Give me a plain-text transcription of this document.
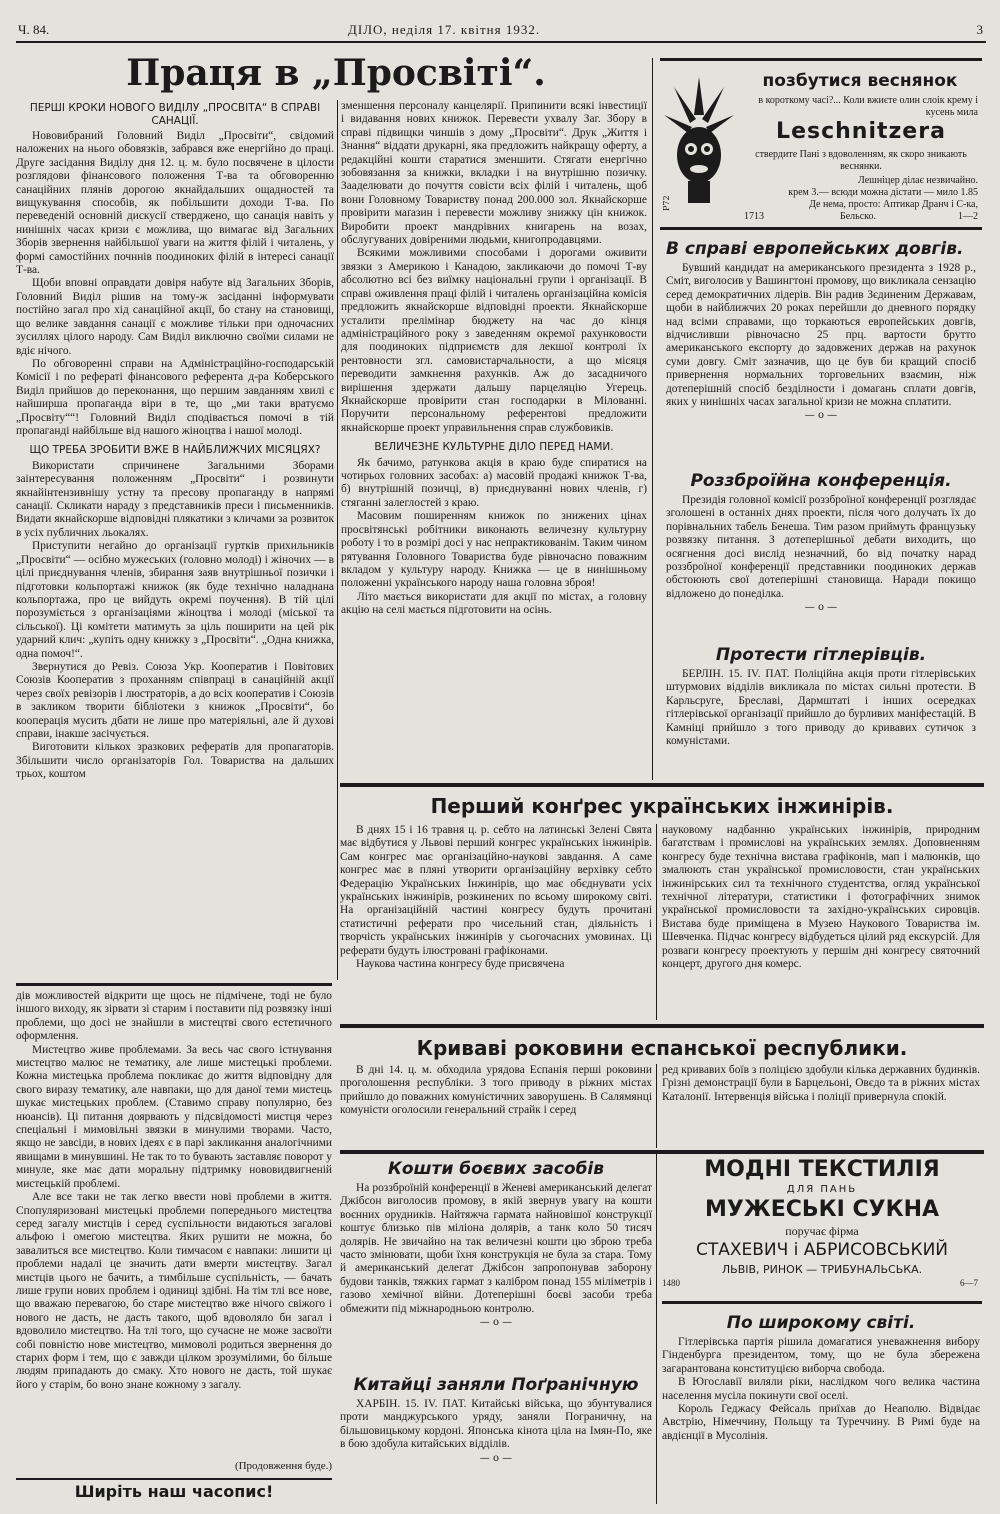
Ч. 84.	ДІЛО, неділя 17. квітня 1932.	3
Праця в „Просвіті“.
ПЕРШІ КРОКИ НОВОГО ВИДІЛУ „ПРОСВІТА“ В СПРАВІ САНАЦІЇ.

Нововибраний Головний Виділ „Просвіти“, свідомий наложених на нього обовязків, забрався вже енергійно до праці. Друге засідання Виділу дня 12. ц. м. було посвячене в цілости розглядови фінансового положення Т-ва та обговоренню санаційних плянів дорогою якнайдальших ощадностей та вищукування способів, як побільшити доходи Т-ва. По переведеній основній дискусії стверджено, що санація навіть у нинішніх часах кризи є можлива, що вимагає від Загальних Зборів звернення найбільшої уваги на життя філій і читалень, у формі самостійних почннів поодиноких філій в інтересі санації Т-ва.

Щоби вповні оправдати довіря набуте від Загальних Зборів, Головний Виділ рішив на тому-ж засіданні інформувати постійно загал про хід санаційної акції, бо стану на становищі, що велике завдання санації є можливе тільки при одночасних зусиллях цілого народу. Сам Виділ виключно своїми силами не вдіє нічого.

По обговоренні справи на Адміністраційно-господарській Комісії і по рефераті фінансового референта д-ра Коберського Виділ прийшов до переконання, що першим завданням хвилі є найширша пропаганда віри в те, що „ми таки вратуємо „Просвіту““! Головний Виділ сподівається помочі в тій пропаганді найбільше від нашого жіноцтва і нашої молоді.

ЩО ТРЕБА ЗРОБИТИ ВЖЕ В НАЙБЛИЖЧИХ МІСЯЦЯХ?

Використати спричинене Загальними Зборами заінтересування положенням „Просвіти“ і розвинути якнайінтензивнішу устну та пресову пропаганду в напрямі санації. Скликати нараду з представників преси і письменників. Видати якнайскорше відповідні плякатики з кличами за розвиток в усіх публичних льокалях.

Приступити негайно до організації гуртків прихильників „Просвіти“ — осібно мужеських (головно молоді) і жіночих — в цілі приєднування членів, збирання заяв внутрішньої позички і підготовки кольпортажі книжок (як буде технічно наладнана кольпортажа, про це вийдуть окремі поучення). В тій цілі порозуміється з організаціями жіноцтва і молоді (міської та сільської). Ці комітети матимуть за ціль поширити на цей рік ударний клич: „купіть одну книжку з „Просвіти“. „Одна книжка, одна помоч!“.

Звернутися до Ревіз. Союза Укр. Кооператив і Повітових Союзів Кооператив з проханням співпраці в санаційній акції через своїх ревізорів і люстраторів, а до всіх кооператив і Союзів в закликом творити бібліотеки з книжок „Просвіти“, бо кооперація мусить дбати не лише про матеріяльні, але й духові справи, інакше засічується.

Виготовити кількох зразкових рефератів для пропагаторів. Збільшити число організаторів Гол. Товариства на дальших трьох, коштом

зменшення персоналу канцелярії. Припинити всякі інвестиції і видавання нових книжок. Перевести ухвалу Заг. Збору в справі підвищки чиншів з дому „Просвіти“. Друк „Життя і Знання“ віддати друкарні, яка предложить найкращу оферту, а редакційні кошти старатися зменшити. Стягати енергічно зобовязання за книжки, вкладки і на внутрішню позичку. Зааделювати до почуття совісти всіх філій і читалень, щоб вони Головному Товариству понад 200.000 зол. Якнайскорше провірити маґазин і перевести можливу знижку цін книжок. Виробити проект мандрівних книгарень на возах, обслугуваних довіреними людьми, книгопродавцями.

Всякими можливими способами і дорогами оживити звязки з Америкою і Канадою, закликаючи до помочі Т-ву абсолютно всі без виїмку національні групи і організації. В справі оживлення праці філій і читалень організаційна комісія предложить якнайскорше відповідні проекти. Якнайскорше усталити прелімінар бюджету на час до кінця адміністраційного року з заведенням окремої рахунковости для поодиноких підприємств для лекшої контролі їх рентовности згл. самовистарчальности, а що місяця переводити замкнення рахунків. Аж до засадничого вирішення здержати дальшу парцеляцію Угерець. Якнайскорше провірити стан господарки в Мілованні. Поручити персональному референтові предложити якнайскорше проект управильнення справ службовиків.

ВЕЛИЧЕЗНЕ КУЛЬТУРНЕ ДІЛО ПЕРЕД НАМИ.

Як бачимо, ратункова акція в краю буде спиратися на чотирьох головних засобах: а) масовій продажі книжок Т-ва, б) внутрішній позичці, в) приєднуванні нових членів, г) стяганні залеглостей з краю.

Масовим поширенням книжок по знижених цінах просвітянські робітники виконають величезну культурну роботу і то в розмірі досі у нас непрактикованім. Таким чином рятування Головного Товариства буде рівночасно поважним вкладом у культуру народу. Книжка — це в нинішньому положенні українського народу наша головна зброя!

Літо мається використати для акції по містах, а головну акцію на селі мається підготовити на осінь.

P72
позбутися веснянок
в короткому часі?... Коли вжиєте олин слоік крему і кусень мила
Leschnitzera
ствердите Пані з вдоволенням, як скоро зникають веснянки.
Лешніцер ділає незвичайно.
крем 3.— всюди можна дістати — мило 1.85
Де нема, просто: Аптикар Дранч і С-ка,
1713	Бельско.	1—2
В справі европейських довгів.

Бувший кандидат на американського президента з 1928 р., Сміт, виголосив у Вашингтоні промову, що викликала сензацію серед демократичних лідерів. Він радив Зєдиненим Державам, щоби в найближчих 20 роках перейшли до дневного порядку над всіми справами, що торкаються европейських довгів, відчисливши рівночасно 25 прц. вартости брутто американського експорту до задовжених держав на рахунок суми довгу. Сміт зазначив, що це був би кращий спосіб привернення нормальних торговельних взаємин, ніж дотеперішній спосіб безділности і домагань сплати довгів, яких у нинішніх часах загальної кризи не можна сплатити.

— o —
Роззброїйна конференція.

Президія головної комісії роззброїної конференції розглядає зголошені в останніх днях проекти, після чого долучать їх до порівнальних табель Бенеша. Тим разом приймуть французьку розвязку питання. З дотеперішньої дебати виходить, що осягнення досі вислід незначний, бо від початку нарад роззброїної конференції представники поодиноких держав обстоюють свої дотеперішні становища. Наради покищо відложено до понеділка.

— o —
Протести гітлерівців.

БЕРЛІН. 15. IV. ПАТ. Поліційна акція проти гітлерівських штурмових відділів викликала по містах сильні протести. В Карльсруге, Бреславі, Дармштаті і інших осередках гітлерівської організації прийшло до бурливих маніфестацій. В Камніці прийшло з того приводу до кривавих сутичок з комуністами.

дів можливостей відкрити ще щось не підмічене, тоді не було іншого виходу, як зірвати зі старим і поставити під розвязку інші проблеми, що досі не знайшли в мистецтві свого естетичного оформлення.

Мистецтво живе проблемами. За весь час свого істнування мистецтво малює не тематику, але лише мистецькі проблеми. Кожна мистецька проблема покликає до життя відповідну для свого виразу тематику, але навпаки, що для даної теми мистець шукає мистецьких проблем. (Ставимо справу популярно, без нюансів). Ці питання доярвають у підсвідомості мистця через спеціальні і мимовільні звязки в минулими творами. Часто, якщо не завсіди, в нових ідеях є в парі закликання аналогічними явищами в минувшині. Не так то то бувають заставляє поворот у минуле, яке має дати моральну підтримку нововидвигненій мистецькій проблемі.

Але все таки не так легко ввести нові проблеми в життя. Спопуляризовані мистецькі проблеми попереднього мистецтва серед загалу мистців і серед суспільности видаються загалові альфою і омегою мистецтва. Яких рушити не можна, бо завалиться все мистецтво. Коли тимчасом є навпаки: лишити ці проблеми надалі це значить дати вмерти мистецтву. Загал мистців цього не бачить, а тимбільше суспільність, — бачать лише групи нових проблем і одиниці здібні. На тім тлі все нове, що вважаю перевагою, бо старе мистецтво вже нічого свіжого і нового не дасть, не дасть такого, щоб вдоволяло би загал і вдоволило мистецтво. На тлі того, що сучасне не може засвоїти собі повністю нове мистецтво, мимоволі родиться звернення до старих форм і тем, що є завжди цілком зрозумілими, бо більше людям припадають до смаку. Хто нового не дасть, той шукає його у старім, бо воно знане кожному з загалу.

(Продовження буде.)
Ширіть наш часопис!
Перший конґрес українських інжинірів.

В днях 15 і 16 травня ц. р. себто на латинські Зелені Свята має відбутися у Львові перший конгрес українських інжинірів. Сам конгрес має організаційно-наукові завдання. А саме конгрес має в пляні утворити організаційну верхівку себто Федерацію Українських Інжинірів, що має обєднувати усіх українських інжинірів, розкинених по всьому широкому світі. На організаційній частині конгресу будуть прочитані статистичні реферати про чисельний стан, діяльність і творчість українських інжинірів у сьогочасних умовинах. Ці реферати будуть ілюстровані графіконами.

Наукова частина конгресу буде присвячена

науковому надбанню українських інжинірів, природним багатствам і промислові на українських землях. Доповненням конгресу буде технічна вистава графіконів, мап і малюнків, що змалюють стан української промисловости, стан українських інжинірських сил та технічного студентства, огляд української технічної літератури, статистики і фотографічних знимок української промисловости та західно-українських сировців. Вистава буде приміщена в Музею Наукового Товариства ім. Шевченка. Підчас конгресу відбудеться цілий ряд екскурсій. Для розваги конгресу проектують у першім дні конгресу святочний концерт, другого дня комерс.

Криваві роковини еспанської республики.

В дні 14. ц. м. обходила урядова Еспанія перші роковини проголошення республіки. З того приводу в ріжних містах прийшло до поважних комуністичних заворушень. В Салямянці комуністи оголосили генеральний страйк і серед

ред кривавих боїв з поліцією здобули кілька державних будинків. Грізні демонстрації були в Барцельоні, Овєдо та в ріжних містах Каталонії. Інтервенція війська і поліції привернула спокій.

Кошти боєвих засобів

На роззброїній конференції в Женеві американський делегат Джібсон виголосив промову, в якій звернув увагу на кошти воєнних орудників. Найтяжча гармата найновішої конструкції коштує близько пів міліона долярів, а танк коло 50 тисяч долярів. Не звичайно на так величезні кошти цю зброю треба часто змінювати, щоби їхня конструкція не була за стара. Тому й американський делегат Джібсон запропонував заборону будови танків, тяжких гармат з калібром понад 155 міліметрів і газово хемічної війни. Дотеперішні боєві засоби треба обмежити під міжнародньою контролю.

— o —
Китайці заняли Поґранічную

ХАРБІН. 15. IV. ПАТ. Китайські війська, що збунтувалися проти манджурського уряду, заняли Пограничну, на більшовицькому кордоні. Японська кінота ціла на Імян-По, яке в бою здобула китайських відділів.

— o —
МОДНІ ТЕКСТИЛІЯ
ДЛЯ ПАНЬ
МУЖЕСЬКІ СУКНА
поручає фірма
СТАХЕВИЧ і АБРИСОВСЬКИЙ
ЛЬВІВ, РИНОК — ТРИБУНАЛЬСЬКА.
1480	6—7
По широкому світі.

Гітлерівська партія рішила домагатися уневажнення вибору Гінденбурга президентом, тому, що не була збережена загарантована конституцією виборча свобода.

В Югославії виляли ріки, наслідком чого велика частина населення мусіла покинути свої оселі.

Король Геджасу Фейсаль приїхав до Неаполю. Відвідає Австрію, Німеччину, Польщу та Туреччину. В Римі буде на авдієнції в Мусолінія.
